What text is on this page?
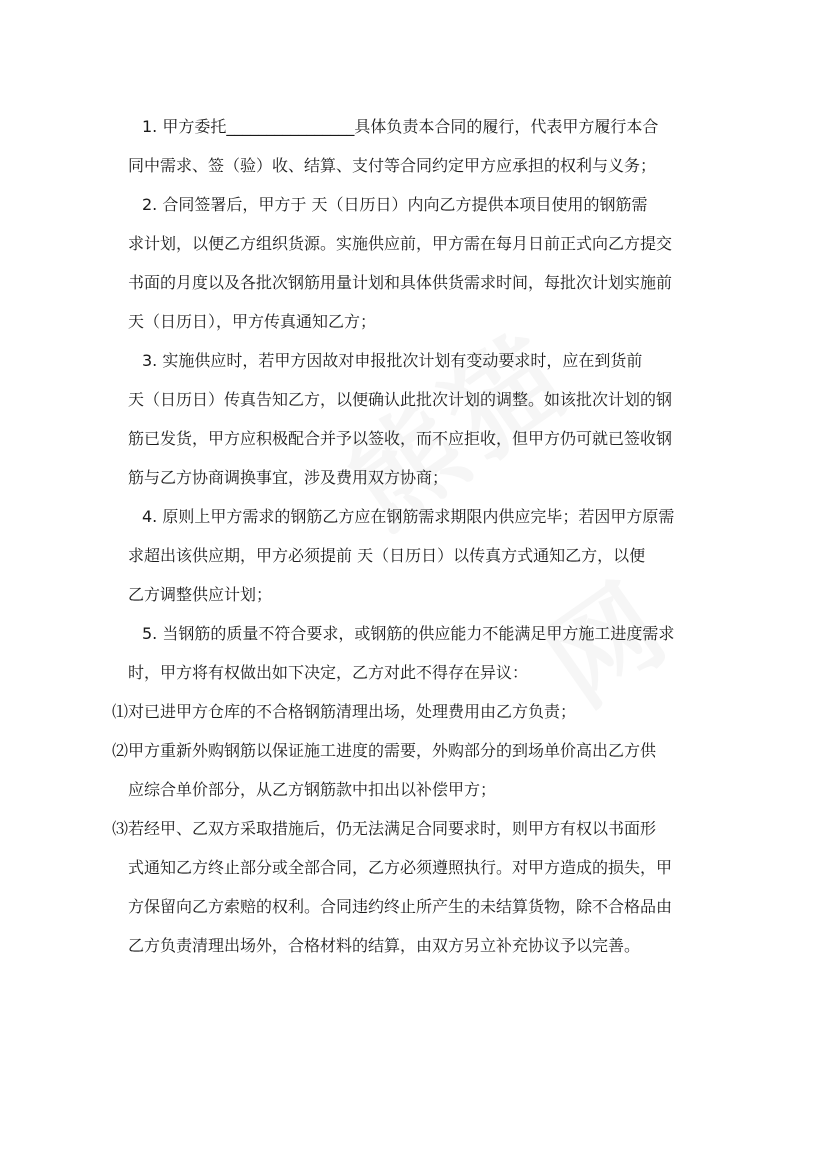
1. 甲方委托________________具体负责本合同的履行，代表甲方履行本合
同中需求、签（验）收、结算、支付等合同约定甲方应承担的权利与义务；
2. 合同签署后，甲方于 天（日历日）内向乙方提供本项目使用的钢筋需
求计划，以便乙方组织货源。实施供应前，甲方需在每月日前正式向乙方提交
书面的月度以及各批次钢筋用量计划和具体供货需求时间，每批次计划实施前
天（日历日），甲方传真通知乙方；
3. 实施供应时，若甲方因故对申报批次计划有变动要求时，应在到货前
天（日历日）传真告知乙方，以便确认此批次计划的调整。如该批次计划的钢
筋已发货，甲方应积极配合并予以签收，而不应拒收，但甲方仍可就已签收钢
筋与乙方协商调换事宜，涉及费用双方协商；
4. 原则上甲方需求的钢筋乙方应在钢筋需求期限内供应完毕；若因甲方原需
求超出该供应期，甲方必须提前 天（日历日）以传真方式通知乙方，以便
乙方调整供应计划；
5. 当钢筋的质量不符合要求，或钢筋的供应能力不能满足甲方施工进度需求
时，甲方将有权做出如下决定，乙方对此不得存在异议：
⑴对已进甲方仓库的不合格钢筋清理出场，处理费用由乙方负责；
⑵甲方重新外购钢筋以保证施工进度的需要，外购部分的到场单价高出乙方供
应综合单价部分，从乙方钢筋款中扣出以补偿甲方；
⑶若经甲、乙双方采取措施后，仍无法满足合同要求时，则甲方有权以书面形
式通知乙方终止部分或全部合同，乙方必须遵照执行。对甲方造成的损失，甲
方保留向乙方索赔的权利。合同违约终止所产生的未结算货物，除不合格品由
乙方负责清理出场外，合格材料的结算，由双方另立补充协议予以完善。
